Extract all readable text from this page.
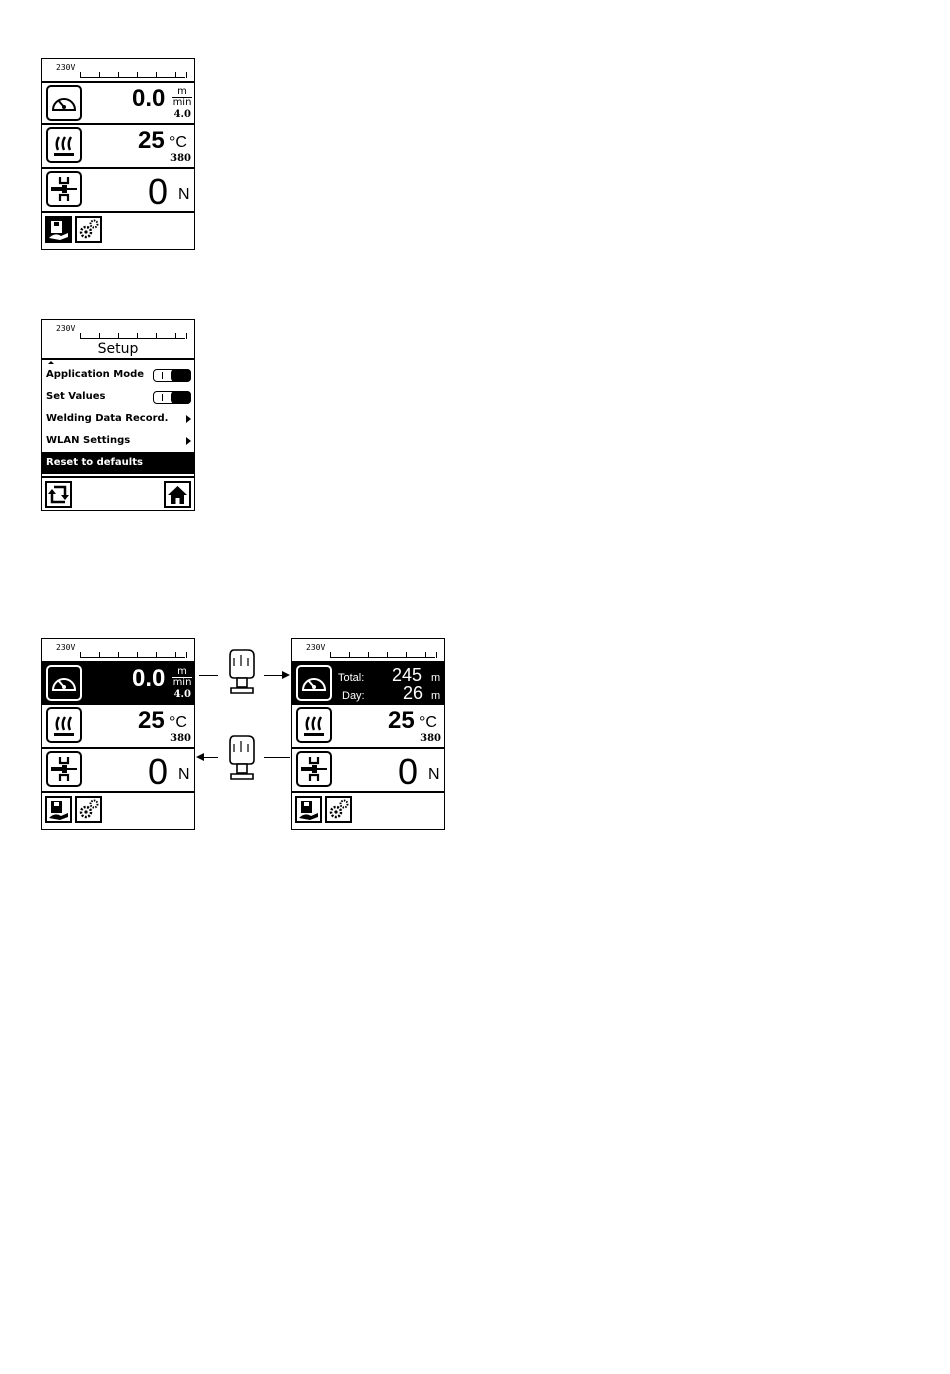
230V
0.0	m
min
4.0
25 °C
380
0 N
230V
Setup
Application Mode
Set Values
Welding Data Record.
WLAN Settings
Reset to defaults
230V
0.0	m
min
4.0
25 °C
380
0 N
230V
Total: 245 m
Day: 26 m
25 °C
380
0 N
